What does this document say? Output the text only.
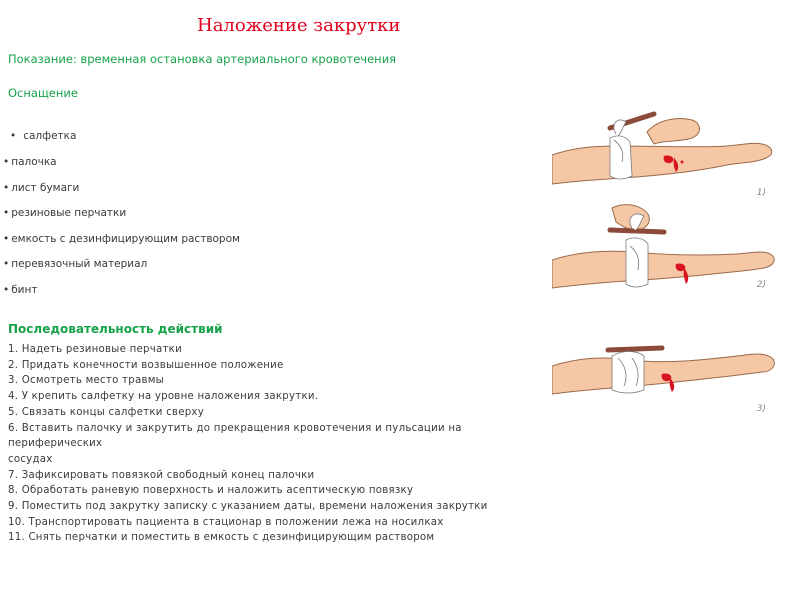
Наложение закрутки
Показание: временная остановка артериального кровотечения
Оснащение
• салфетка
• палочка
• лист бумаги
• резиновые перчатки
• емкость с дезинфицирующим раствором
• перевязочный материал
• бинт
Последовательность действий
1. Надеть резиновые перчатки
2. Придать конечности возвышенное положение
3. Осмотреть место травмы
4. У крепить салфетку на уровне наложения закрутки.
5. Связать концы салфетки сверху
6. Вставить палочку и закрутить до прекращения кровотечения и пульсации на
периферических
сосудах
7. Зафиксировать повязкой свободный конец палочки
8. Обработать раневую поверхность и наложить асептическую повязку
9. Поместить под закрутку записку с указанием даты, времени наложения закрутки
10. Транспортировать пациента в стационар в положении лежа на носилках
11. Снять перчатки и поместить в емкость с дезинфицирующим раствором
1)
2)
3)
